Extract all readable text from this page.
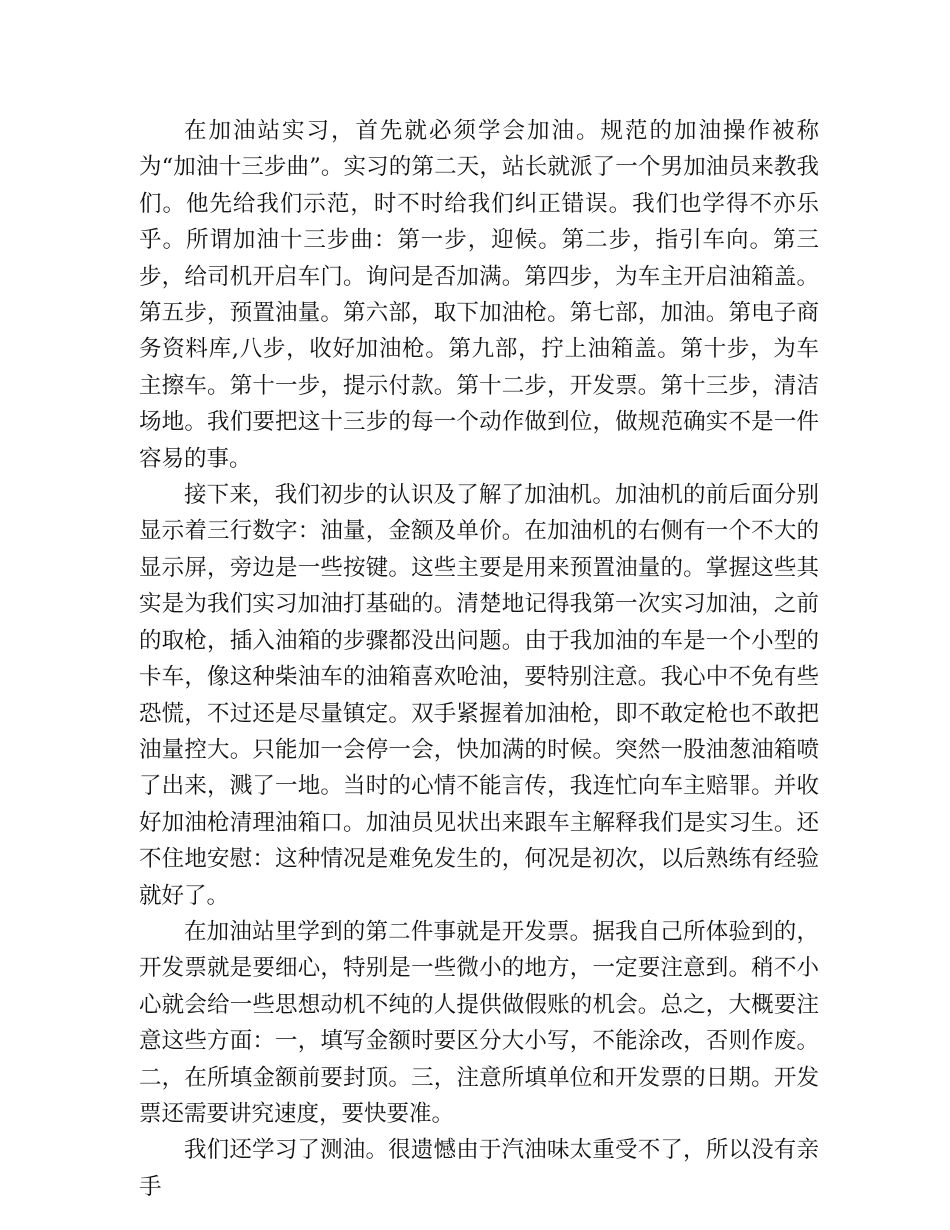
在加油站实习，首先就必须学会加油。规范的加油操作被称为“加油十三步曲”。实习的第二天，站长就派了一个男加油员来教我们。他先给我们示范，时不时给我们纠正错误。我们也学得不亦乐乎。所谓加油十三步曲：第一步，迎候。第二步，指引车向。第三步，给司机开启车门。询问是否加满。第四步，为车主开启油箱盖。第五步，预置油量。第六部，取下加油枪。第七部，加油。第电子商务资料库,八步，收好加油枪。第九部，拧上油箱盖。第十步，为车主擦车。第十一步，提示付款。第十二步，开发票。第十三步，清洁场地。我们要把这十三步的每一个动作做到位，做规范确实不是一件容易的事。

接下来，我们初步的认识及了解了加油机。加油机的前后面分别显示着三行数字：油量，金额及单价。在加油机的右侧有一个不大的显示屏，旁边是一些按键。这些主要是用来预置油量的。掌握这些其实是为我们实习加油打基础的。清楚地记得我第一次实习加油，之前的取枪，插入油箱的步骤都没出问题。由于我加油的车是一个小型的卡车，像这种柴油车的油箱喜欢呛油，要特别注意。我心中不免有些恐慌，不过还是尽量镇定。双手紧握着加油枪，即不敢定枪也不敢把油量控大。只能加一会停一会，快加满的时候。突然一股油葱油箱喷了出来，溅了一地。当时的心情不能言传，我连忙向车主赔罪。并收好加油枪清理油箱口。加油员见状出来跟车主解释我们是实习生。还不住地安慰：这种情况是难免发生的，何况是初次，以后熟练有经验就好了。

在加油站里学到的第二件事就是开发票。据我自己所体验到的，开发票就是要细心，特别是一些微小的地方，一定要注意到。稍不小心就会给一些思想动机不纯的人提供做假账的机会。总之，大概要注意这些方面：一，填写金额时要区分大小写，不能涂改，否则作废。二，在所填金额前要封顶。三，注意所填单位和开发票的日期。开发票还需要讲究速度，要快要准。

我们还学习了测油。很遗憾由于汽油味太重受不了，所以没有亲手
